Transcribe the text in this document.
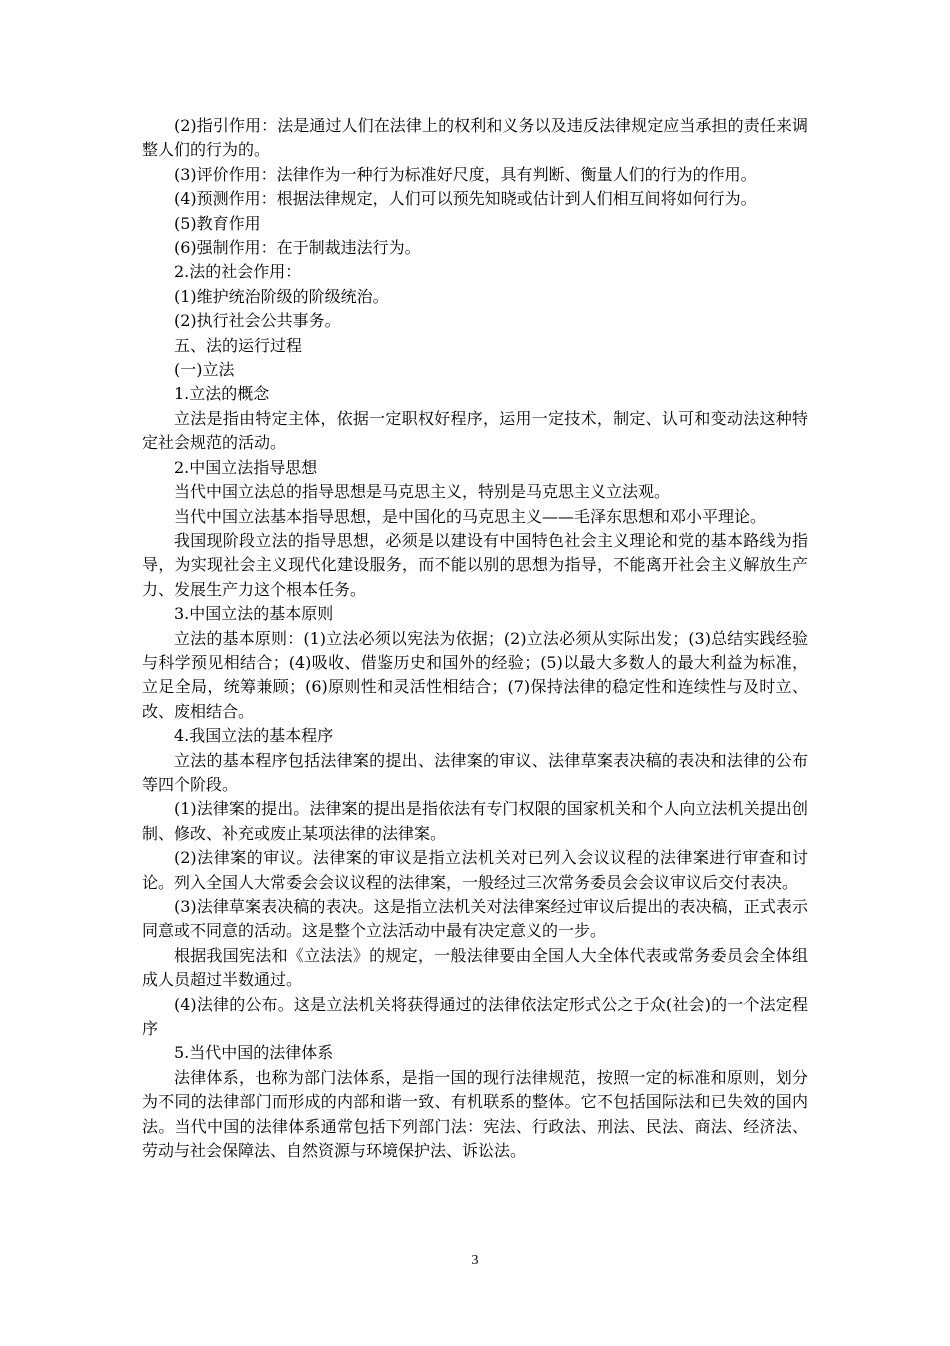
(2)指引作用：法是通过人们在法律上的权利和义务以及违反法律规定应当承担的责任来调整人们的行为的。

(3)评价作用：法律作为一种行为标准好尺度，具有判断、衡量人们的行为的作用。

(4)预测作用：根据法律规定，人们可以预先知晓或估计到人们相互间将如何行为。

(5)教育作用

(6)强制作用：在于制裁违法行为。

2.法的社会作用：

(1)维护统治阶级的阶级统治。

(2)执行社会公共事务。

五、法的运行过程

(一)立法

1.立法的概念

立法是指由特定主体，依据一定职权好程序，运用一定技术，制定、认可和变动法这种特定社会规范的活动。

2.中国立法指导思想

当代中国立法总的指导思想是马克思主义，特别是马克思主义立法观。

当代中国立法基本指导思想，是中国化的马克思主义——毛泽东思想和邓小平理论。

我国现阶段立法的指导思想，必须是以建设有中国特色社会主义理论和党的基本路线为指导，为实现社会主义现代化建设服务，而不能以别的思想为指导，不能离开社会主义解放生产力、发展生产力这个根本任务。

3.中国立法的基本原则

立法的基本原则：(1)立法必须以宪法为依据；(2)立法必须从实际出发；(3)总结实践经验与科学预见相结合；(4)吸收、借鉴历史和国外的经验；(5)以最大多数人的最大利益为标准，立足全局，统筹兼顾；(6)原则性和灵活性相结合；(7)保持法律的稳定性和连续性与及时立、改、废相结合。

4.我国立法的基本程序

立法的基本程序包括法律案的提出、法律案的审议、法律草案表决稿的表决和法律的公布等四个阶段。

(1)法律案的提出。法律案的提出是指依法有专门权限的国家机关和个人向立法机关提出创制、修改、补充或废止某项法律的法律案。

(2)法律案的审议。法律案的审议是指立法机关对已列入会议议程的法律案进行审查和讨论。列入全国人大常委会会议议程的法律案，一般经过三次常务委员会会议审议后交付表决。

(3)法律草案表决稿的表决。这是指立法机关对法律案经过审议后提出的表决稿，正式表示同意或不同意的活动。这是整个立法活动中最有决定意义的一步。

根据我国宪法和《立法法》的规定，一般法律要由全国人大全体代表或常务委员会全体组成人员超过半数通过。

(4)法律的公布。这是立法机关将获得通过的法律依法定形式公之于众(社会)的一个法定程序

5.当代中国的法律体系

法律体系，也称为部门法体系，是指一国的现行法律规范，按照一定的标准和原则，划分为不同的法律部门而形成的内部和谐一致、有机联系的整体。它不包括国际法和已失效的国内法。当代中国的法律体系通常包括下列部门法：宪法、行政法、刑法、民法、商法、经济法、劳动与社会保障法、自然资源与环境保护法、诉讼法。

3
